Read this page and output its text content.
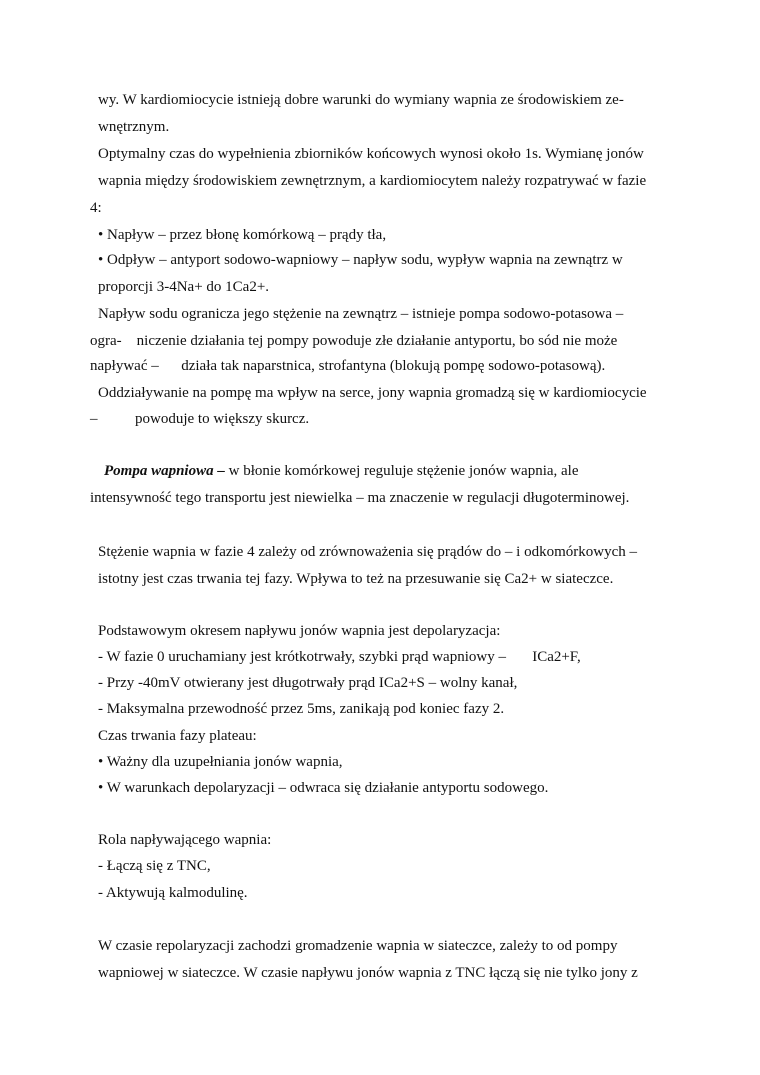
wy. W kardiomiocycie istnieją dobre warunki do wymiany wapnia ze środowiskiem ze-

wnętrznym.

Optymalny czas do wypełnienia zbiorników końcowych wynosi około 1s. Wymianę jonów

wapnia między środowiskiem zewnętrznym, a kardiomiocytem należy rozpatrywać w fazie

4:

• Napływ – przez błonę komórkową – prądy tła,

• Odpływ – antyport sodowo-wapniowy – napływ sodu, wypływ wapnia na zewnątrz w

proporcji 3-4Na+ do 1Ca2+.

Napływ sodu ogranicza jego stężenie na zewnątrz – istnieje pompa sodowo-potasowa –

ogra-    niczenie działania tej pompy powoduje złe działanie antyportu, bo sód nie może

napływać –      działa tak naparstnica, strofantyna (blokują pompę sodowo-potasową).

Oddziaływanie na pompę ma wpływ na serce, jony wapnia gromadzą się w kardiomiocycie

–          powoduje to większy skurcz.

Pompa wapniowa – w błonie komórkowej reguluje stężenie jonów wapnia, ale

intensywność tego transportu jest niewielka – ma znaczenie w regulacji długoterminowej.

Stężenie wapnia w fazie 4 zależy od zrównoważenia się prądów do – i odkomórkowych –

istotny jest czas trwania tej fazy. Wpływa to też na przesuwanie się Ca2+ w siateczce.

Podstawowym okresem napływu jonów wapnia jest depolaryzacja:

- W fazie 0 uruchamiany jest krótkotrwały, szybki prąd wapniowy –       ICa2+F,

- Przy -40mV otwierany jest długotrwały prąd ICa2+S – wolny kanał,

- Maksymalna przewodność przez 5ms, zanikają pod koniec fazy 2.

Czas trwania fazy plateau:

• Ważny dla uzupełniania jonów wapnia,

• W warunkach depolaryzacji – odwraca się działanie antyportu sodowego.

Rola napływającego wapnia:

- Łączą się z TNC,

- Aktywują kalmodulinę.

W czasie repolaryzacji zachodzi gromadzenie wapnia w siateczce, zależy to od pompy

wapniowej w siateczce. W czasie napływu jonów wapnia z TNC łączą się nie tylko jony z
